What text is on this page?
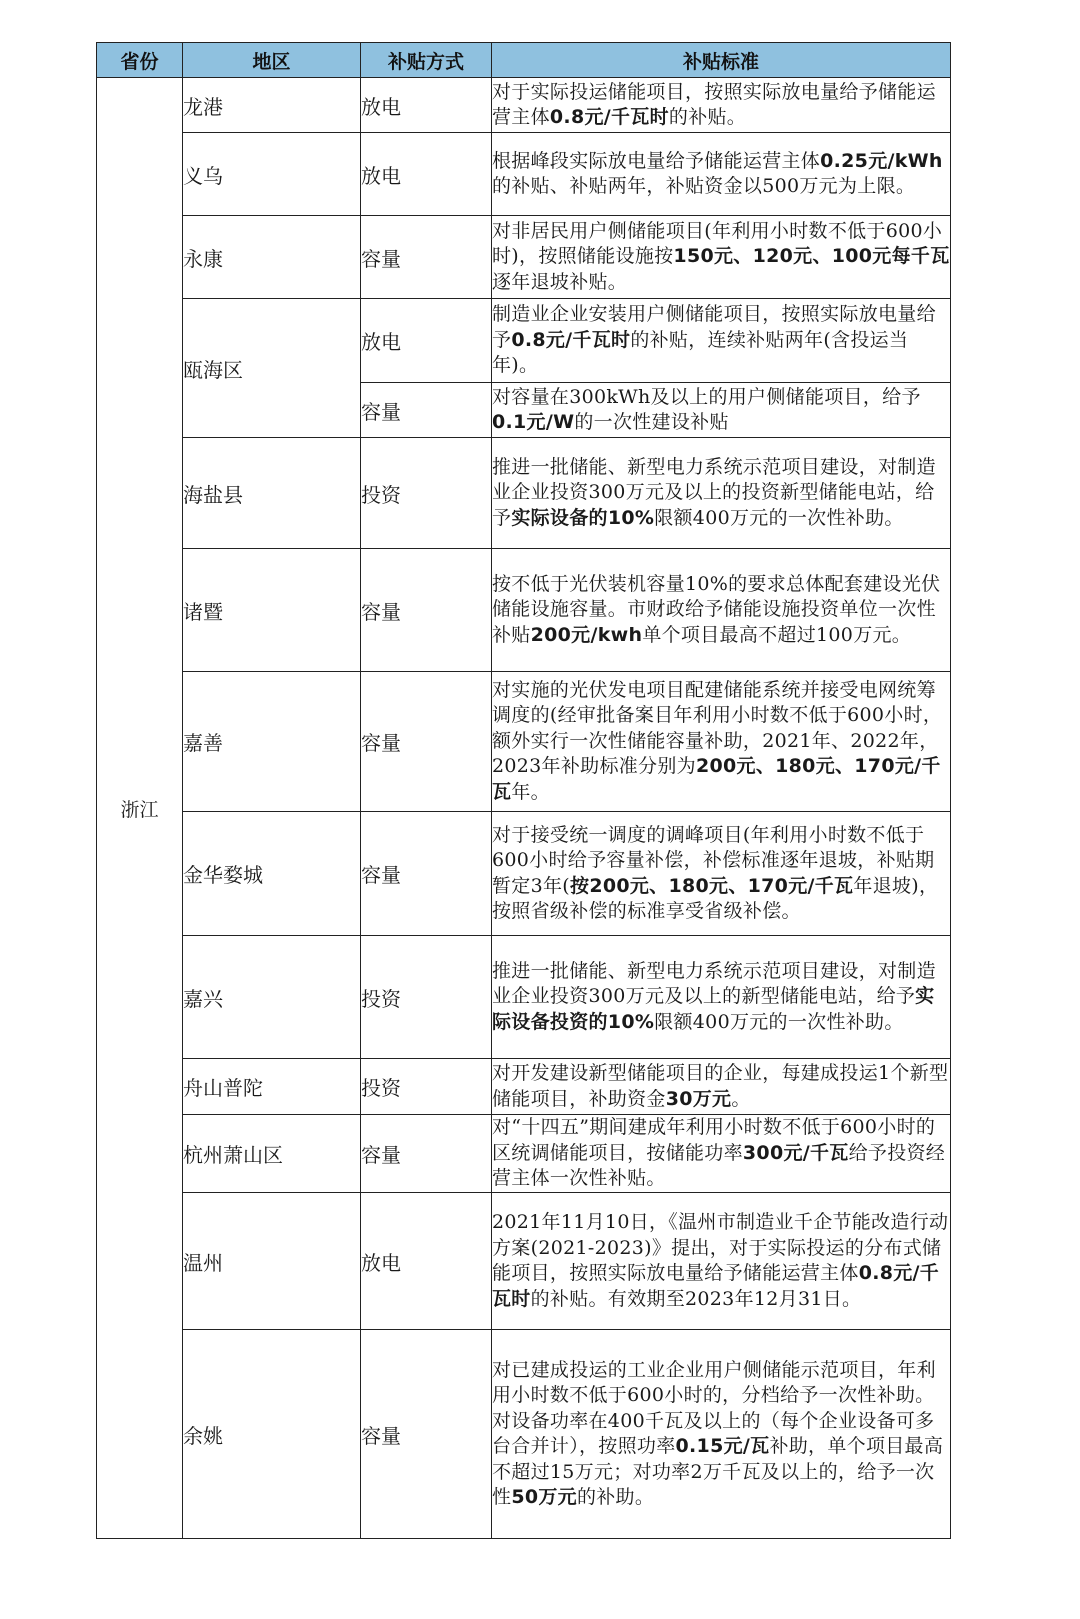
省份	地区	补贴方式	补贴标准
浙江	龙港	放电	对于实际投运储能项目，按照实际放电量给予储能运营主体0.8元/千瓦时的补贴。
	义乌	放电	根据峰段实际放电量给予储能运营主体0.25元/kWh的补贴、补贴两年，补贴资金以500万元为上限。
	永康	容量	对非居民用户侧储能项目(年利用小时数不低于600小时)，按照储能设施按150元、120元、100元每千瓦逐年退坡补贴。
	瓯海区	放电	制造业企业安装用户侧储能项目，按照实际放电量给予0.8元/千瓦时的补贴，连续补贴两年(含投运当年)。
		容量	对容量在300kWh及以上的用户侧储能项目，给予0.1元/W的一次性建设补贴
	海盐县	投资	推进一批储能、新型电力系统示范项目建设，对制造业企业投资300万元及以上的投资新型储能电站，给予实际设备的10%限额400万元的一次性补助。
	诸暨	容量	按不低于光伏装机容量10%的要求总体配套建设光伏储能设施容量。市财政给予储能设施投资单位一次性补贴200元/kwh单个项目最高不超过100万元。
	嘉善	容量	对实施的光伏发电项目配建储能系统并接受电网统筹调度的(经审批备案目年利用小时数不低于600小时，额外实行一次性储能容量补助，2021年、2022年，2023年补助标准分别为200元、180元、170元/千瓦年。
	金华婺城	容量	对于接受统一调度的调峰项目(年利用小时数不低于600小时给予容量补偿，补偿标准逐年退坡，补贴期暂定3年(按200元、180元、170元/千瓦年退坡)，按照省级补偿的标准享受省级补偿。
	嘉兴	投资	推进一批储能、新型电力系统示范项目建设，对制造业企业投资300万元及以上的新型储能电站，给予实际设备投资的10%限额400万元的一次性补助。
	舟山普陀	投资	对开发建设新型储能项目的企业，每建成投运1个新型储能项目，补助资金30万元。
	杭州萧山区	容量	对“十四五”期间建成年利用小时数不低于600小时的区统调储能项目，按储能功率300元/千瓦给予投资经营主体一次性补贴。
	温州	放电	2021年11月10日，《温州市制造业千企节能改造行动方案(2021-2023)》提出，对于实际投运的分布式储能项目，按照实际放电量给予储能运营主体0.8元/千瓦时的补贴。有效期至2023年12月31日。
	余姚	容量	对已建成投运的工业企业用户侧储能示范项目，年利用小时数不低于600小时的，分档给予一次性补助。对设备功率在400千瓦及以上的（每个企业设备可多台合并计），按照功率0.15元/瓦补助，单个项目最高不超过15万元；对功率2万千瓦及以上的，给予一次性50万元的补助。
